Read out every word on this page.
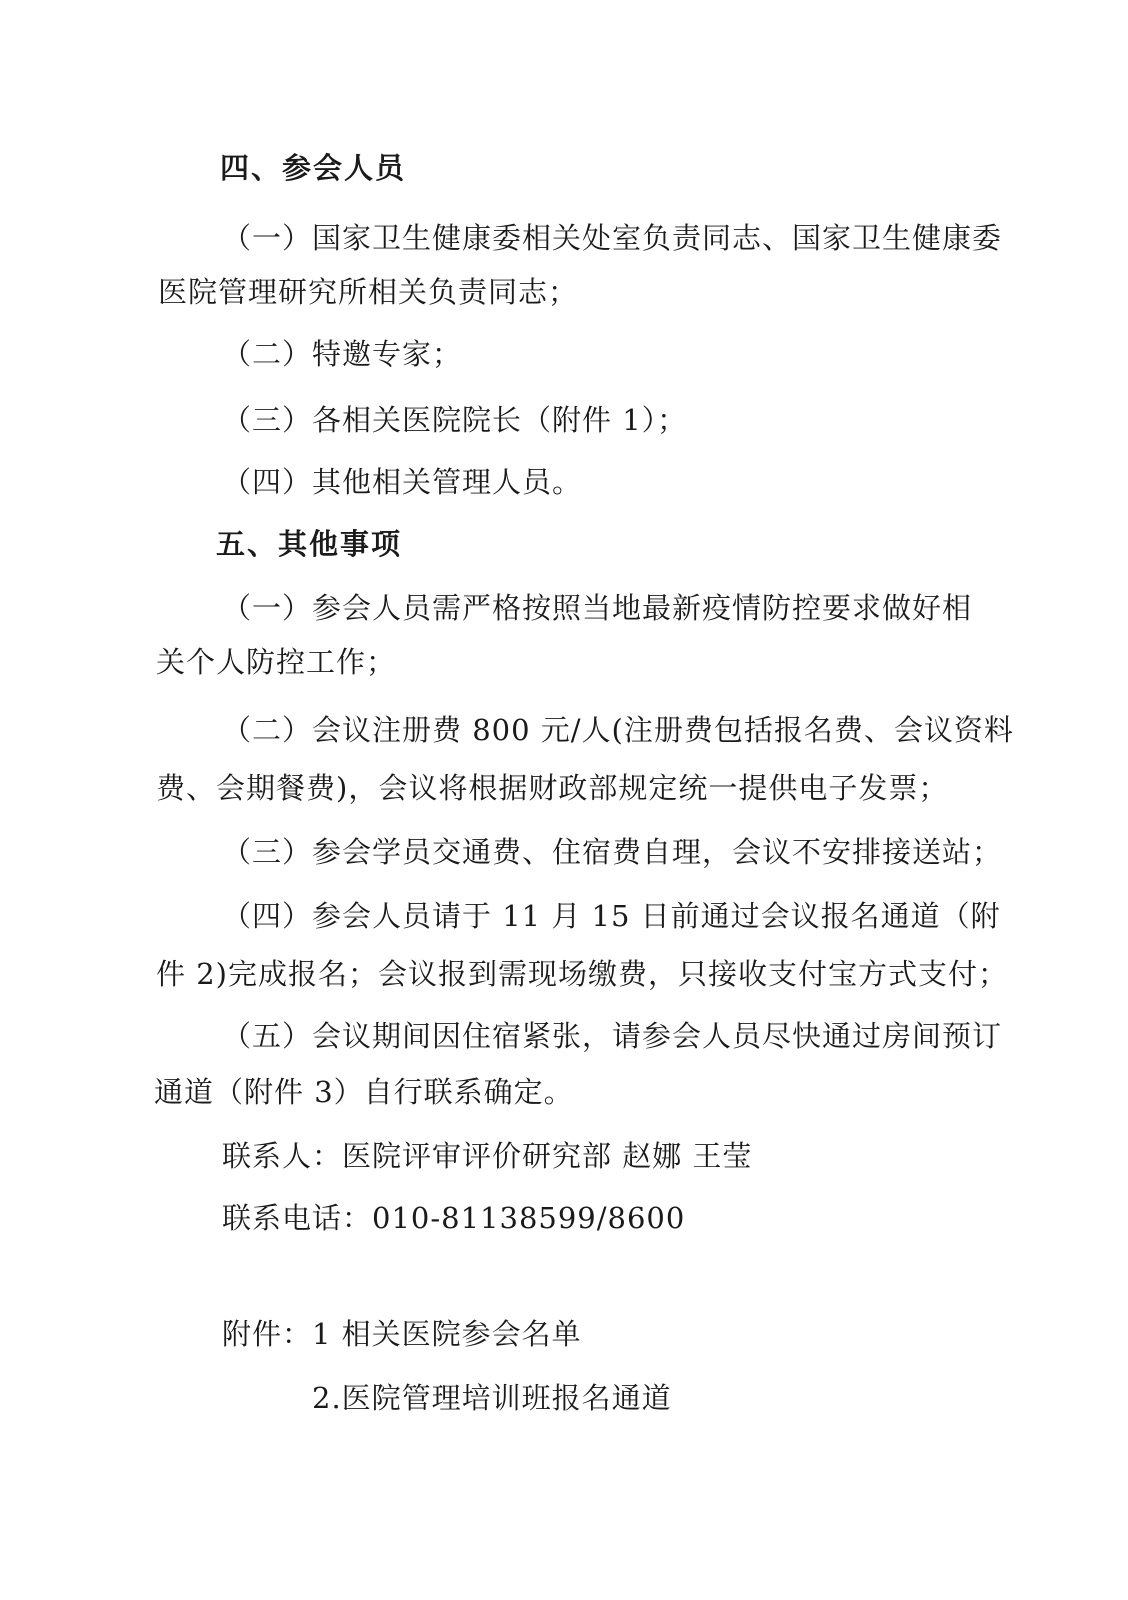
四、参会人员
（一）国家卫生健康委相关处室负责同志、国家卫生健康委
医院管理研究所相关负责同志；
（二）特邀专家；
（三）各相关医院院长（附件 1）；
（四）其他相关管理人员。
五、其他事项
（一）参会人员需严格按照当地最新疫情防控要求做好相
关个人防控工作；
（二）会议注册费 800 元/人(注册费包括报名费、会议资料
费、会期餐费)，会议将根据财政部规定统一提供电子发票；
（三）参会学员交通费、住宿费自理，会议不安排接送站；
（四）参会人员请于 11 月 15 日前通过会议报名通道（附
件 2)完成报名；会议报到需现场缴费，只接收支付宝方式支付；
（五）会议期间因住宿紧张，请参会人员尽快通过房间预订
通道（附件 3）自行联系确定。
联系人：医院评审评价研究部 赵娜 王莹
联系电话：010-81138599/8600
附件：1 相关医院参会名单
2.医院管理培训班报名通道
